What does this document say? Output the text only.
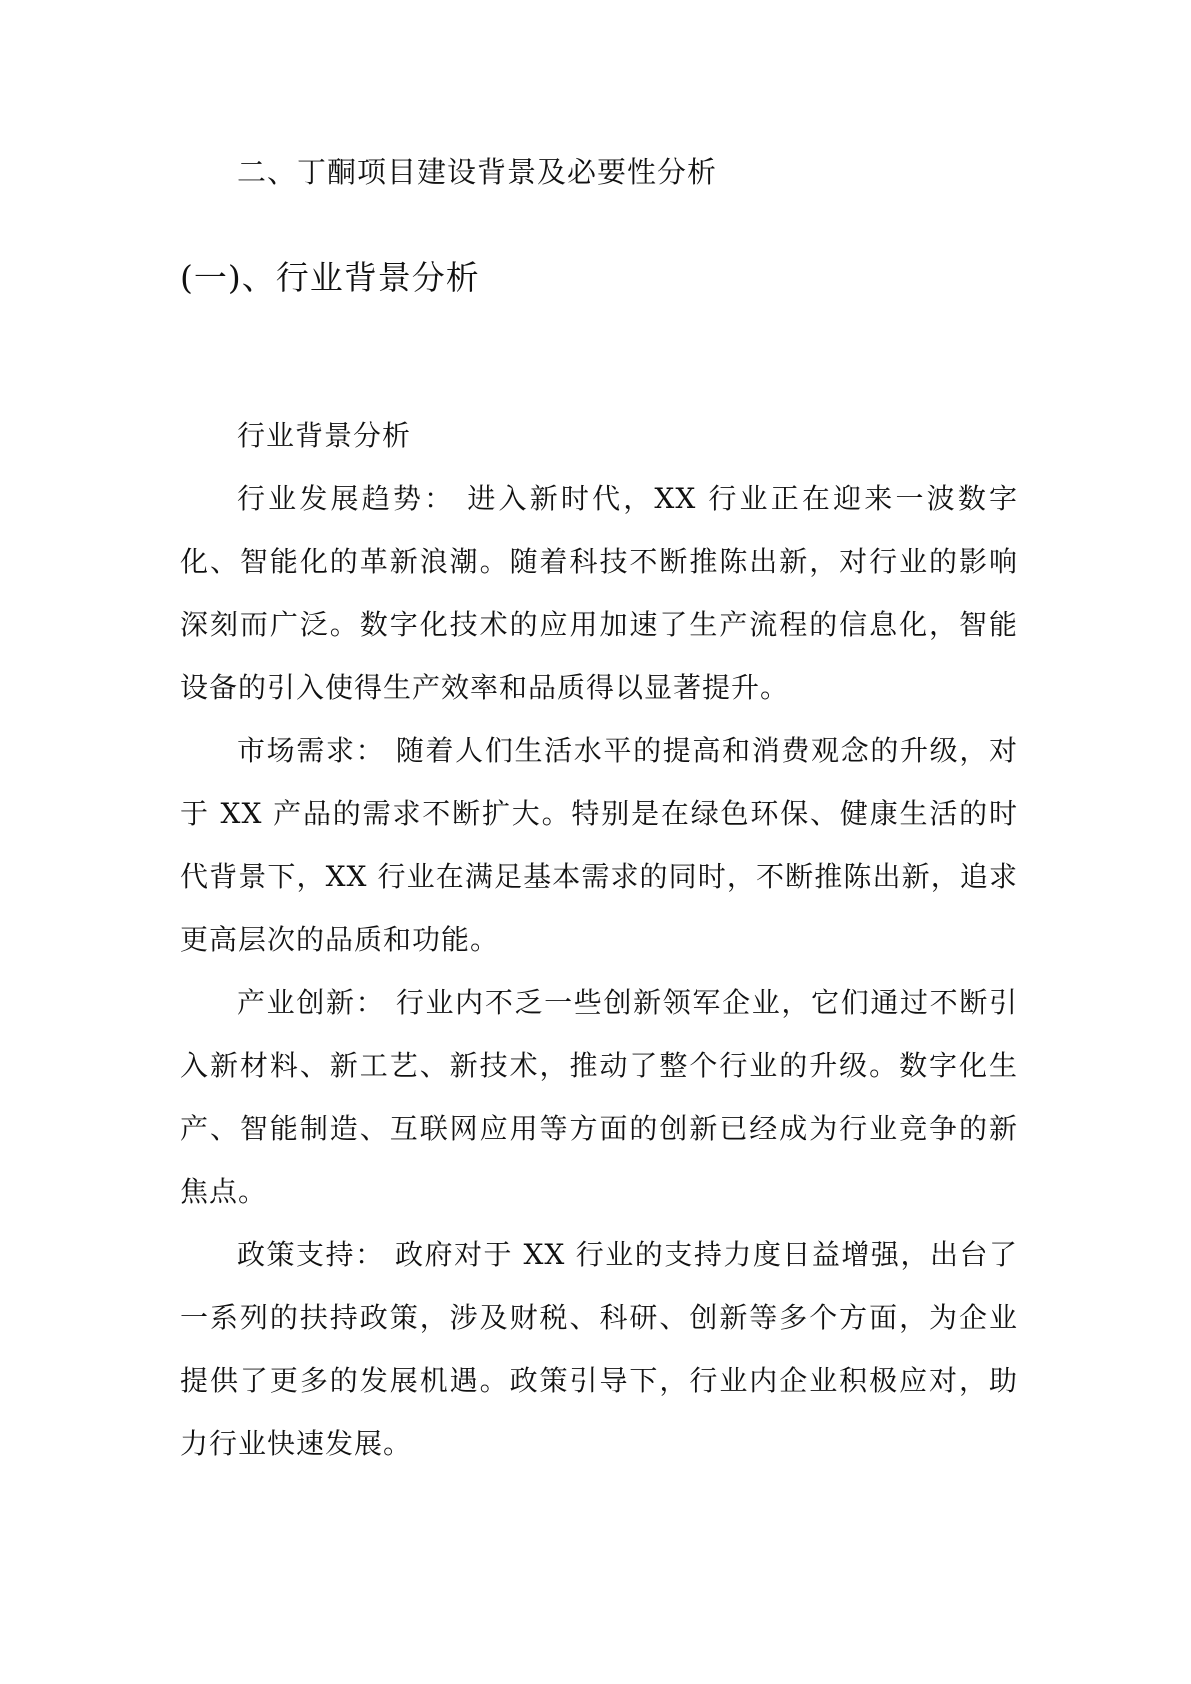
二、丁酮项目建设背景及必要性分析
(一)、行业背景分析

行业背景分析

行业发展趋势： 进入新时代，XX 行业正在迎来一波数字化、智能化的革新浪潮。随着科技不断推陈出新，对行业的影响深刻而广泛。数字化技术的应用加速了生产流程的信息化，智能设备的引入使得生产效率和品质得以显著提升。

市场需求： 随着人们生活水平的提高和消费观念的升级，对于 XX 产品的需求不断扩大。特别是在绿色环保、健康生活的时代背景下，XX 行业在满足基本需求的同时，不断推陈出新，追求更高层次的品质和功能。

产业创新： 行业内不乏一些创新领军企业，它们通过不断引入新材料、新工艺、新技术，推动了整个行业的升级。数字化生产、智能制造、互联网应用等方面的创新已经成为行业竞争的新焦点。

政策支持： 政府对于 XX 行业的支持力度日益增强，出台了一系列的扶持政策，涉及财税、科研、创新等多个方面，为企业提供了更多的发展机遇。政策引导下，行业内企业积极应对，助力行业快速发展。
